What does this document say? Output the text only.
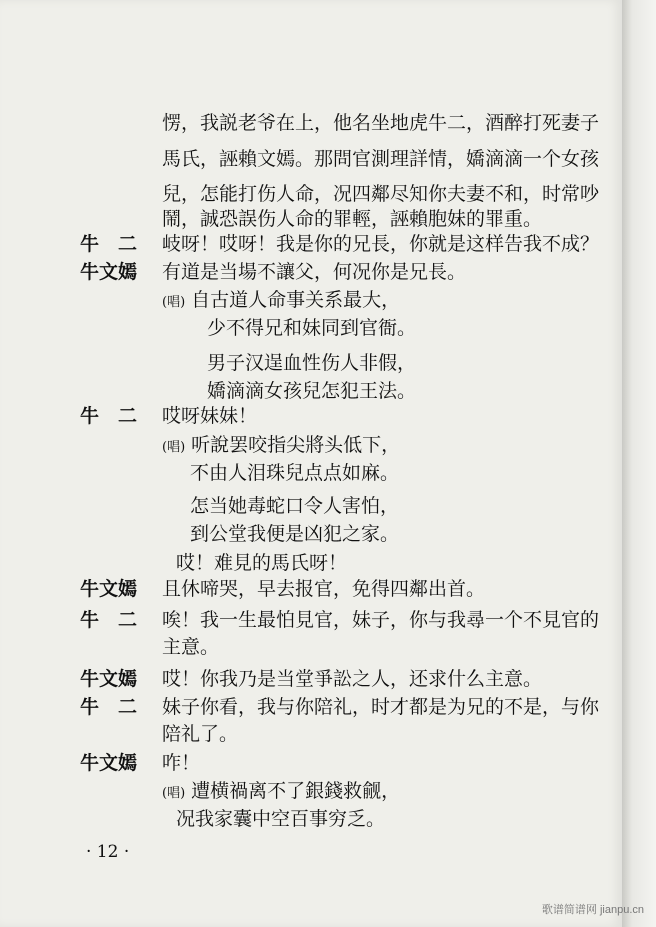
愣，我説老爷在上，他名坐地虎牛二，酒醉打死妻子
馬氏，誣賴文嫣。那問官測理詳情，嬌滴滴一个女孩
兒，怎能打伤人命，况四鄰尽知你夫妻不和，时常吵
鬧，誠恐誤伤人命的罪輕，誣賴胞妹的罪重。
牛　二 岐呀！哎呀！我是你的兄長，你就是这样告我不成？
牛文嫣 有道是当場不讓父，何况你是兄長。
(唱) 自古道人命事关系最大，
少不得兄和妹同到官衙。
男子汉逞血性伤人非假，
嬌滴滴女孩兒怎犯王法。
牛　二 哎呀妹妹！
(唱) 听說罢咬指尖將头低下，
不由人泪珠兒点点如麻。
怎当她毒蛇口令人害怕，
到公堂我便是凶犯之家。
哎！难見的馬氏呀！
牛文嫣 且休啼哭，早去报官，免得四鄰出首。
牛　二 唉！我一生最怕見官，妹子，你与我尋一个不見官的
主意。
牛文嫣 哎！你我乃是当堂爭訟之人，还求什么主意。
牛　二 妹子你看，我与你陪礼，时才都是为兄的不是，与你
陪礼了。
牛文嫣 咋！
(唱) 遭横禍离不了銀錢救觎，
况我家囊中空百事穷乏。
· 12 ·
歌谱简谱网 jianpu.cn
